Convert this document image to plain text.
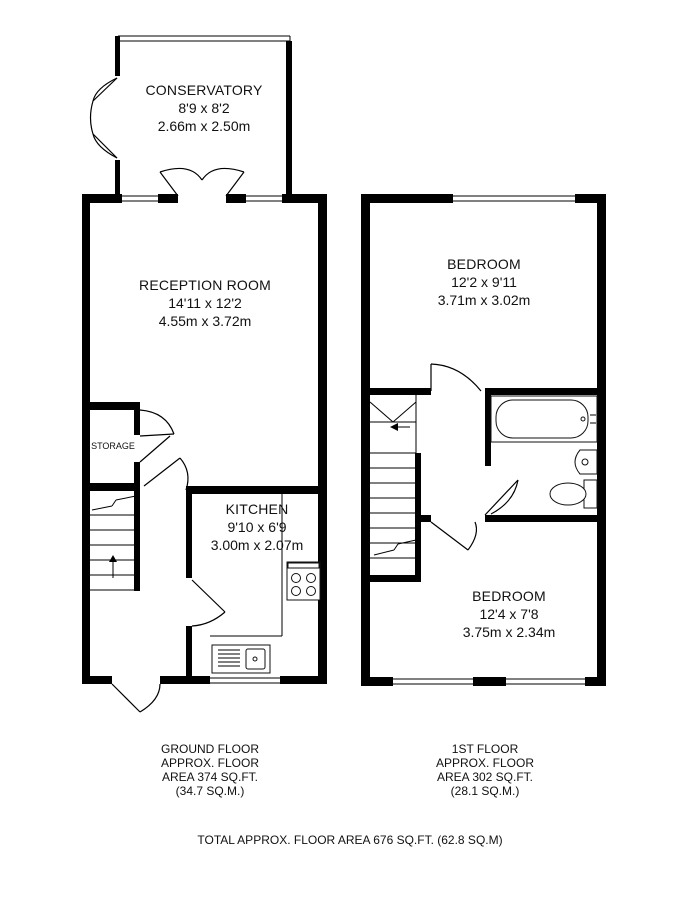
CONSERVATORY
8'9 x 8'2
2.66m x 2.50m
RECEPTION ROOM
14'11 x 12'2
4.55m x 3.72m
STORAGE
KITCHEN
9'10 x 6'9
3.00m x 2.07m
BEDROOM
12'2 x 9'11
3.71m x 3.02m
BEDROOM
12'4 x 7'8
3.75m x 2.34m
GROUND FLOOR
APPROX. FLOOR
AREA 374 SQ.FT.
(34.7 SQ.M.)
1ST FLOOR
APPROX. FLOOR
AREA 302 SQ.FT.
(28.1 SQ.M.)
TOTAL APPROX. FLOOR AREA 676 SQ.FT. (62.8 SQ.M)
